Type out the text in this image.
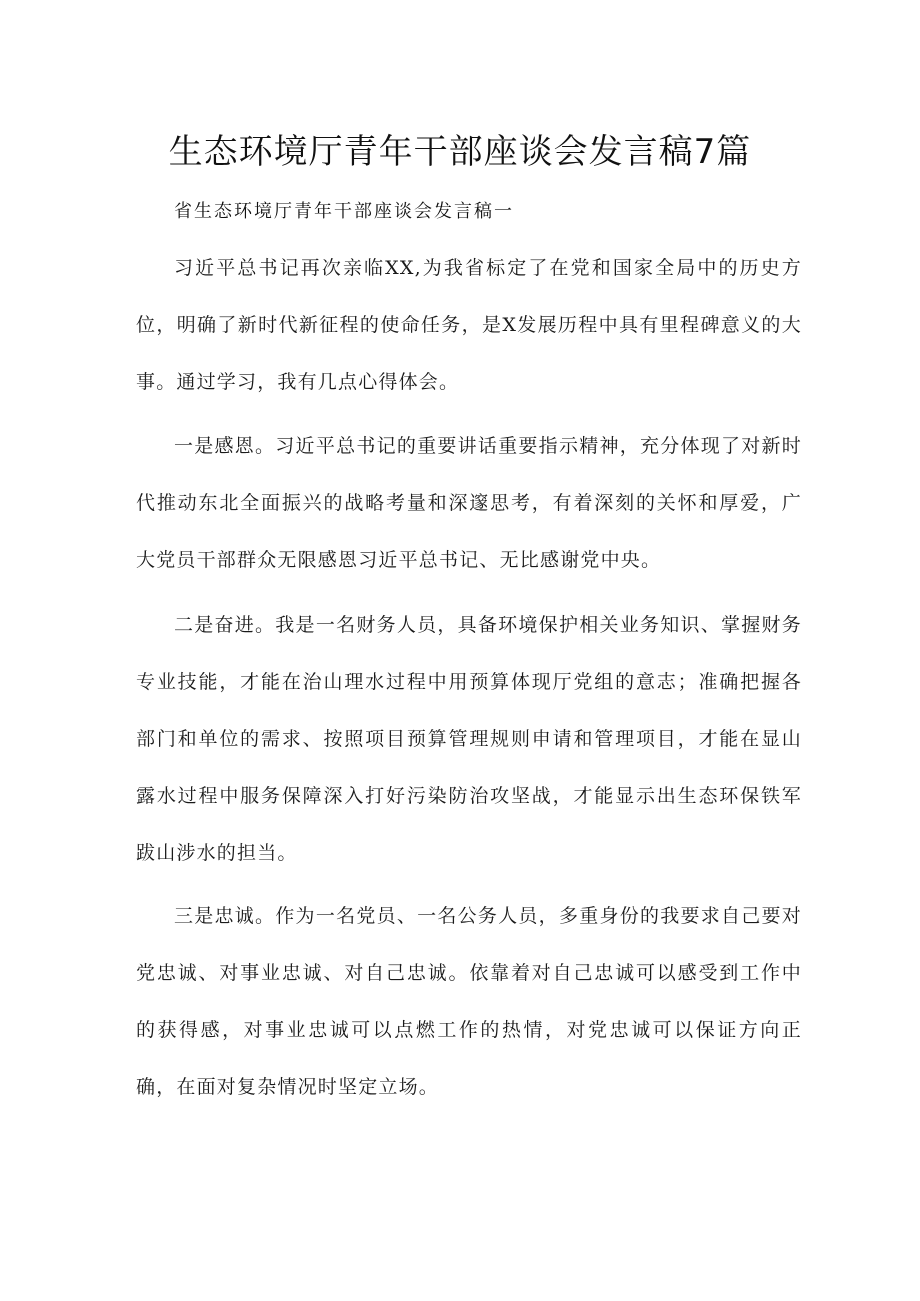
生态环境厅青年干部座谈会发言稿7篇
省生态环境厅青年干部座谈会发言稿一

习近平总书记再次亲临XX,为我省标定了在党和国家全局中的历史方位，明确了新时代新征程的使命任务，是X发展历程中具有里程碑意义的大事。通过学习，我有几点心得体会。

一是感恩。习近平总书记的重要讲话重要指示精神，充分体现了对新时代推动东北全面振兴的战略考量和深邃思考，有着深刻的关怀和厚爱，广大党员干部群众无限感恩习近平总书记、无比感谢党中央。

二是奋进。我是一名财务人员，具备环境保护相关业务知识、掌握财务专业技能，才能在治山理水过程中用预算体现厅党组的意志；准确把握各部门和单位的需求、按照项目预算管理规则申请和管理项目，才能在显山露水过程中服务保障深入打好污染防治攻坚战，才能显示出生态环保铁军跋山涉水的担当。

三是忠诚。作为一名党员、一名公务人员，多重身份的我要求自己要对党忠诚、对事业忠诚、对自己忠诚。依靠着对自己忠诚可以感受到工作中的获得感，对事业忠诚可以点燃工作的热情，对党忠诚可以保证方向正确，在面对复杂情况时坚定立场。
